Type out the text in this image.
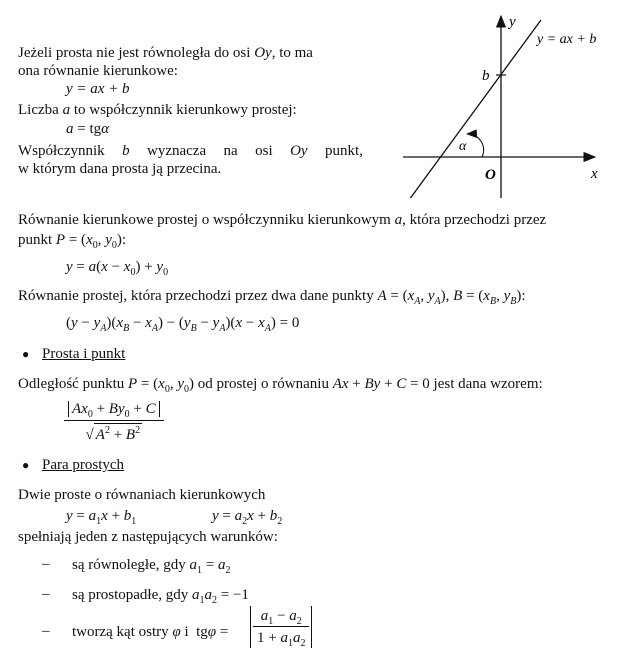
Jeżeli prosta nie jest równoległa do osi Oy, to ma
ona równanie kierunkowe:
y = ax + b
Liczba a to współczynnik kierunkowy prostej:
a = tgα
Współczynnik b wyznacza na osi Oy punkt,
w którym dana prosta ją przecina.
y
x
O
b
α
y = ax + b
Równanie kierunkowe prostej o współczynniku kierunkowym a, która przechodzi przez
punkt $P = (x_0$, $y_0$):
$y = a(x - x_0) + y_0$
Równanie prostej, która przechodzi przez dwa dane punkty $A = (x_A$, $y_A$), $B = (x_B$, $y_B$):
$(y - y_A)(x_B - x_A) - (y_B - y_A)(x - x_A) = 0$
● Prosta i punkt
Odległość punktu $P = (x_0$, $y_0$) od prostej o równaniu Ax + By + C = 0 jest dana wzorem:
$\frac{Ax_0 + By_0 + C}{√ A^2 + B^2}$
● Para prostych
Dwie proste o równaniach kierunkowych
$y = a_1x + b_1$	$y = a_2x + b_2$
spełniają jeden z następujących warunków:
– są równoległe, gdy $a_1 = a_2$
– są prostopadłe, gdy $a_1a_2 = -1$
– tworzą kąt ostry φ i  $tg\varphi = \frac{a_1 - a_2}{1 + a_1a_2}$
